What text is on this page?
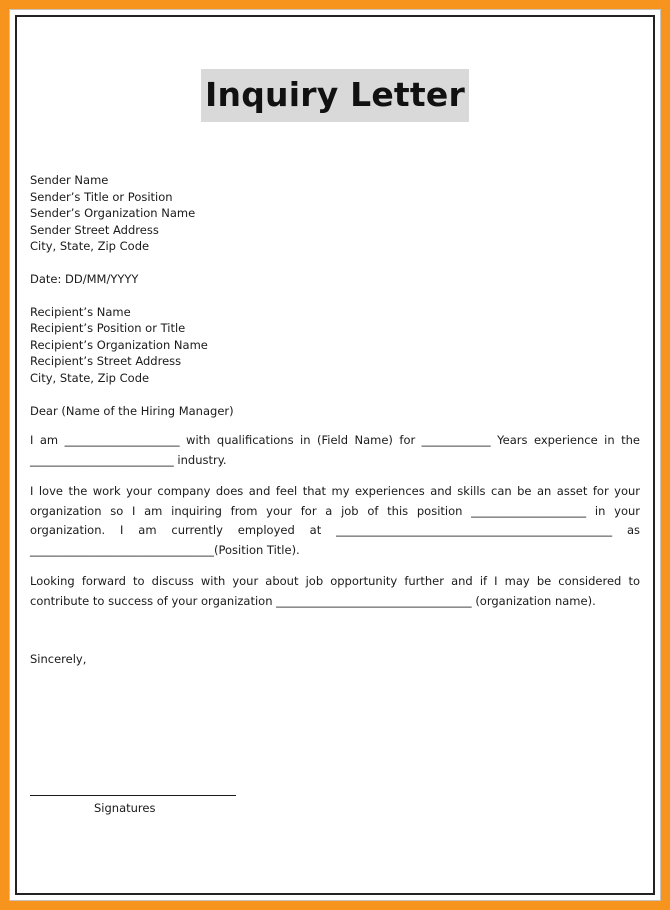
Inquiry Letter
Sender Name
Sender’s Title or Position
Sender’s Organization Name
Sender Street Address
City, State, Zip Code
Date: DD/MM/YYYY
Recipient’s Name
Recipient’s Position or Title
Recipient’s Organization Name
Recipient’s Street Address
City, State, Zip Code
Dear (Name of the Hiring Manager)
I am ____________________ with qualifications in (Field Name) for ____________ Years experience in the _________________________ industry.
I love the work your company does and feel that my experiences and skills can be an asset for your organization so I am inquiring from your for a job of this position ____________________ in your organization. I am currently employed at ________________________________________________ as ________________________________(Position Title).
Looking forward to discuss with your about job opportunity further and if I may be considered to contribute to success of your organization __________________________________ (organization name).
Sincerely,
Signatures
